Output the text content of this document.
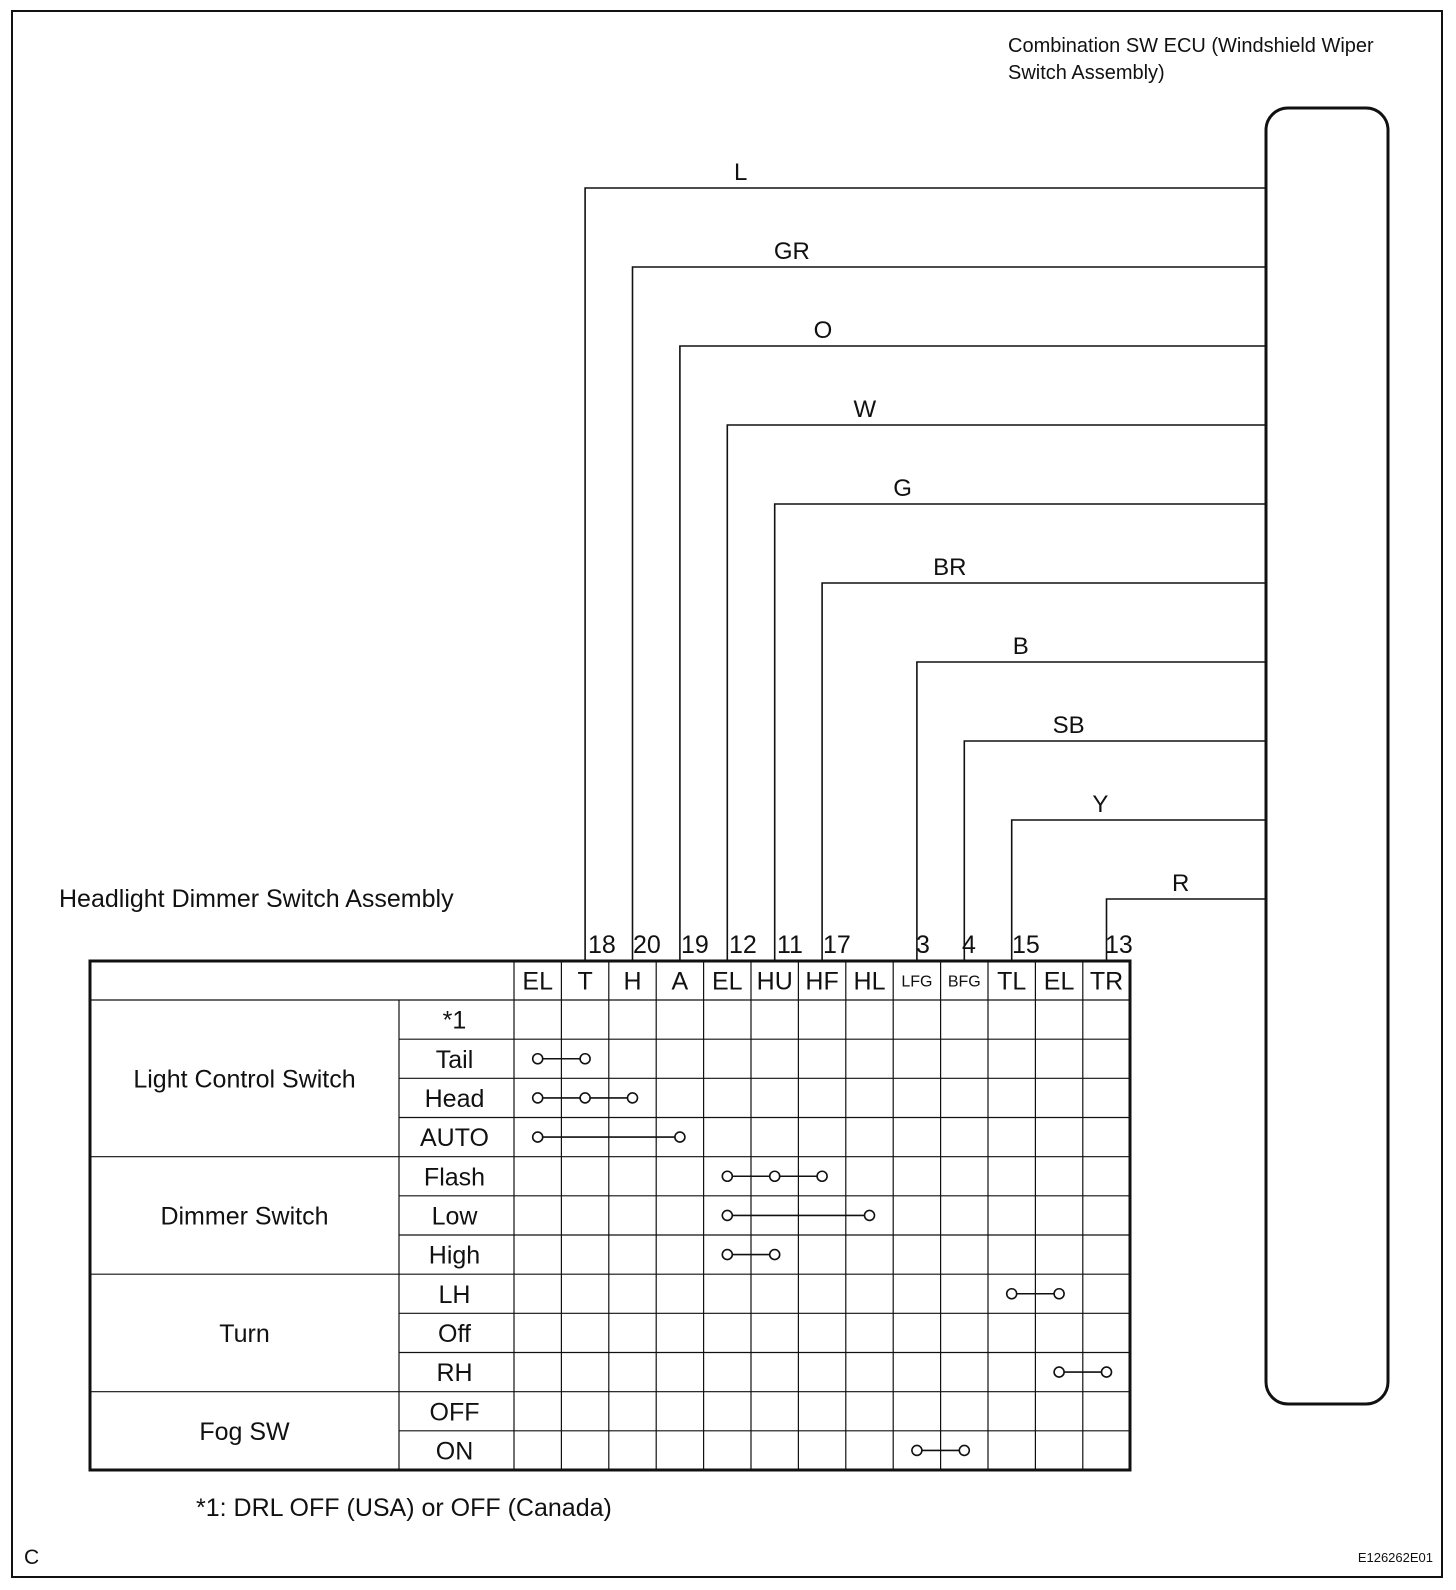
Combination SW ECU (Windshield Wiper
Switch Assembly)
Headlight Dimmer Switch Assembly
L
18
GR
20
O
19
W
12
G
11
BR
17
B
3
SB
4
Y
15
R
13
EL T H A EL HU HF HL LFG BFG TL EL TR
Light Control Switch
*1
Tail
Head
AUTO
Dimmer Switch
Flash
Low
High
Turn
LH
Off
RH
Fog SW
OFF
ON
*1: DRL OFF (USA) or OFF (Canada)
C	E126262E01
